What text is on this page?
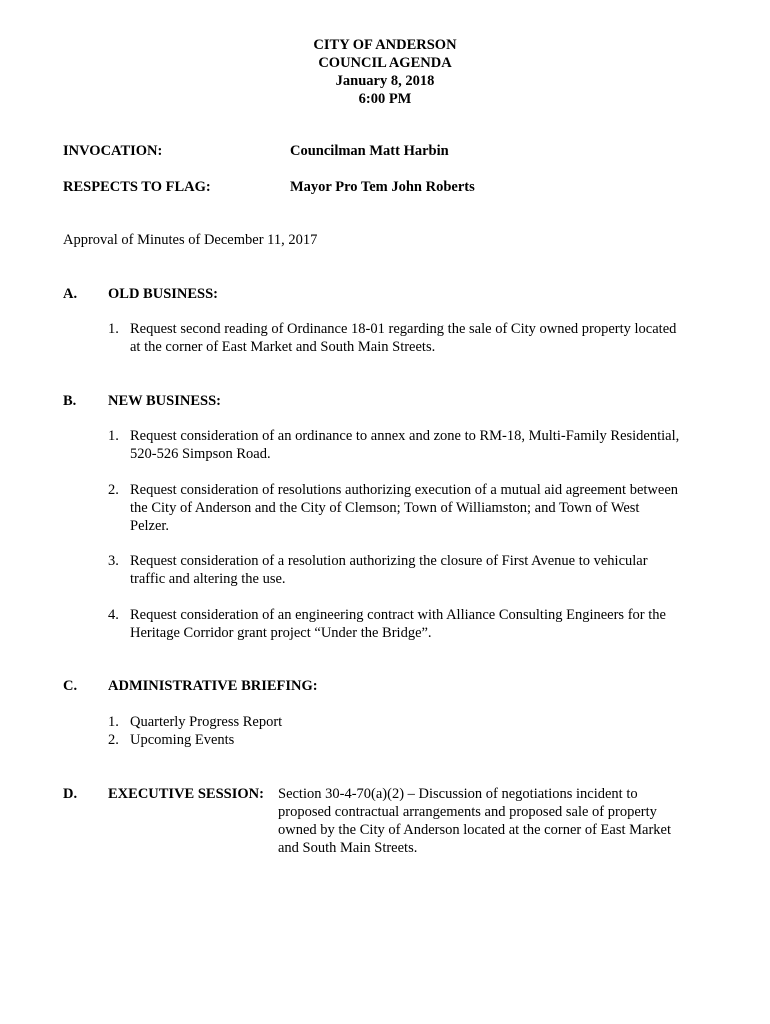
CITY OF ANDERSON
COUNCIL AGENDA
January 8, 2018
6:00 PM
INVOCATION:	Councilman Matt Harbin
RESPECTS TO FLAG:	Mayor Pro Tem John Roberts
Approval of Minutes of December 11, 2017
A. OLD BUSINESS:
1. Request second reading of Ordinance 18-01 regarding the sale of City owned property located
at the corner of East Market and South Main Streets.
B. NEW BUSINESS:
1. Request consideration of an ordinance to annex and zone to RM-18, Multi-Family Residential,
520-526 Simpson Road.
2. Request consideration of resolutions authorizing execution of a mutual aid agreement between
the City of Anderson and the City of Clemson; Town of Williamston; and Town of West
Pelzer.
3. Request consideration of a resolution authorizing the closure of First Avenue to vehicular
traffic and altering the use.
4. Request consideration of an engineering contract with Alliance Consulting Engineers for the
Heritage Corridor grant project “Under the Bridge”.
C. ADMINISTRATIVE BRIEFING:
1. Quarterly Progress Report
2. Upcoming Events
D. EXECUTIVE SESSION: Section 30-4-70(a)(2) – Discussion of negotiations incident to
proposed contractual arrangements and proposed sale of property
owned by the City of Anderson located at the corner of East Market
and South Main Streets.
